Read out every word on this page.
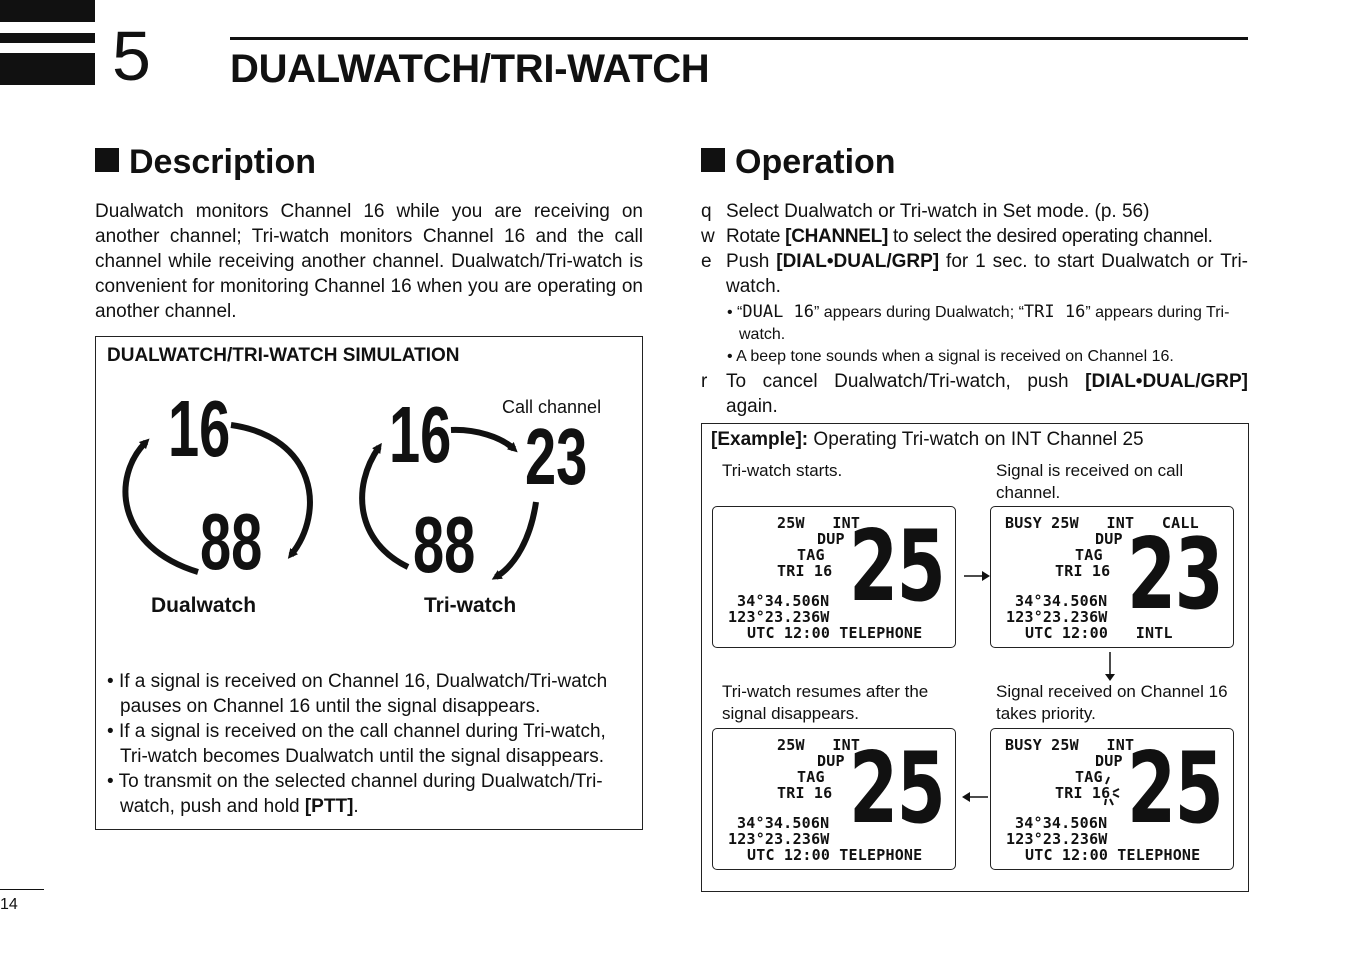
5 DUALWATCH/TRI-WATCH
Description
Dualwatch monitors Channel 16 while you are receiving on another channel; Tri-watch monitors Channel 16 and the call channel while receiving another channel. Dualwatch/Tri-watch is convenient for monitoring Channel 16 when you are operating on another channel.
DUALWATCH/TRI-WATCH SIMULATION
16
88
16 23
88
Call channel
Dualwatch	Tri-watch
• If a signal is received on Channel 16, Dualwatch/Tri-watch pauses on Channel 16 until the signal disappears.
• If a signal is received on the call channel during Tri-watch, Tri-watch becomes Dualwatch until the signal disappears.
• To transmit on the selected channel during Dualwatch/Tri-watch, push and hold [PTT].
Operation
q Select Dualwatch or Tri-watch in Set mode. (p. 56)
w Rotate [CHANNEL] to select the desired operating channel.
e Push [DIAL•DUAL/GRP] for 1 sec. to start Dualwatch or Tri-watch.
• “DUAL 16” appears during Dualwatch; “TRI 16” appears during Tri-watch.
• A beep tone sounds when a signal is received on Channel 16.
r To cancel Dualwatch/Tri-watch, push [DIAL•DUAL/GRP] again.
[Example]: Operating Tri-watch on INT Channel 25
Tri-watch starts.	Signal is received on call channel.
Tri-watch resumes after the signal disappears.
Signal received on Channel 16 takes priority.
25W   INT
DUP
TAG
TRI 16
34°34.506N
123°23.236W
UTC 12:00 TELEPHONE
25	BUSY 25W   INT   CALL
DUP
TAG
TRI 16
34°34.506N
123°23.236W
UTC 12:00   INTL
23
25W   INT
DUP
TAG
TRI 16
34°34.506N
123°23.236W
UTC 12:00 TELEPHONE
25	BUSY 25W   INT
DUP
TAG
TRI 16
34°34.506N
123°23.236W
UTC 12:00 TELEPHONE
25
14
